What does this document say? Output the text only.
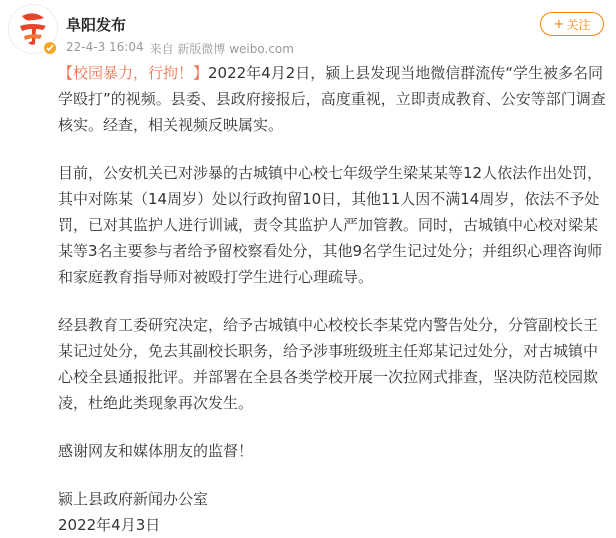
阜阳发布
22-4-3 16:04 来自 新版微博 weibo.com
+ 关注

【校园暴力，行拘！】2022年4月2日，颍上县发现当地微信群流传“学生被多名同学殴打”的视频。县委、县政府接报后，高度重视，立即责成教育、公安等部门调查核实。经查，相关视频反映属实。

目前，公安机关已对涉暴的古城镇中心校七年级学生梁某某等12人依法作出处罚，其中对陈某（14周岁）处以行政拘留10日，其他11人因不满14周岁，依法不予处罚，已对其监护人进行训诫，责令其监护人严加管教。同时，古城镇中心校对梁某某等3名主要参与者给予留校察看处分，其他9名学生记过处分；并组织心理咨询师和家庭教育指导师对被殴打学生进行心理疏导。

经县教育工委研究决定，给予古城镇中心校校长李某党内警告处分，分管副校长王某记过处分，免去其副校长职务，给予涉事班级班主任郑某记过处分，对古城镇中心校全县通报批评。并部署在全县各类学校开展一次拉网式排查，坚决防范校园欺凌，杜绝此类现象再次发生。

感谢网友和媒体朋友的监督！

颍上县政府新闻办公室

2022年4月3日
